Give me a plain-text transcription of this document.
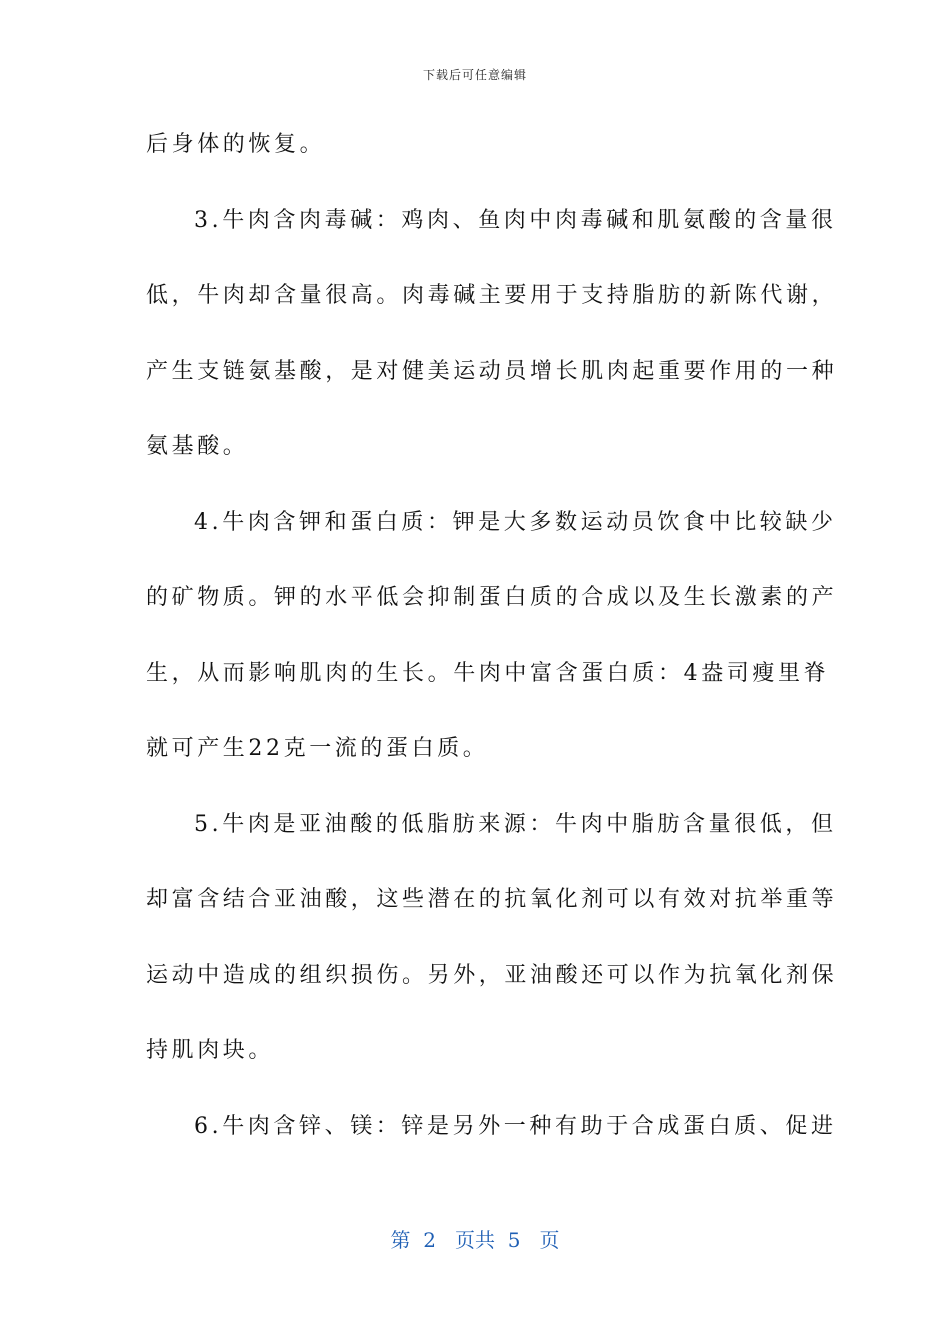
下载后可任意编辑
后身体的恢复。
3.牛肉含肉毒碱：鸡肉、鱼肉中肉毒碱和肌氨酸的含量很
低，牛肉却含量很高。肉毒碱主要用于支持脂肪的新陈代谢，
产生支链氨基酸，是对健美运动员增长肌肉起重要作用的一种
氨基酸。
4.牛肉含钾和蛋白质：钾是大多数运动员饮食中比较缺少
的矿物质。钾的水平低会抑制蛋白质的合成以及生长激素的产
生，从而影响肌肉的生长。牛肉中富含蛋白质：4盎司瘦里脊
就可产生22克一流的蛋白质。
5.牛肉是亚油酸的低脂肪来源：牛肉中脂肪含量很低，但
却富含结合亚油酸，这些潜在的抗氧化剂可以有效对抗举重等
运动中造成的组织损伤。另外，亚油酸还可以作为抗氧化剂保
持肌肉块。
6.牛肉含锌、镁：锌是另外一种有助于合成蛋白质、促进
第  2   页共  5   页
